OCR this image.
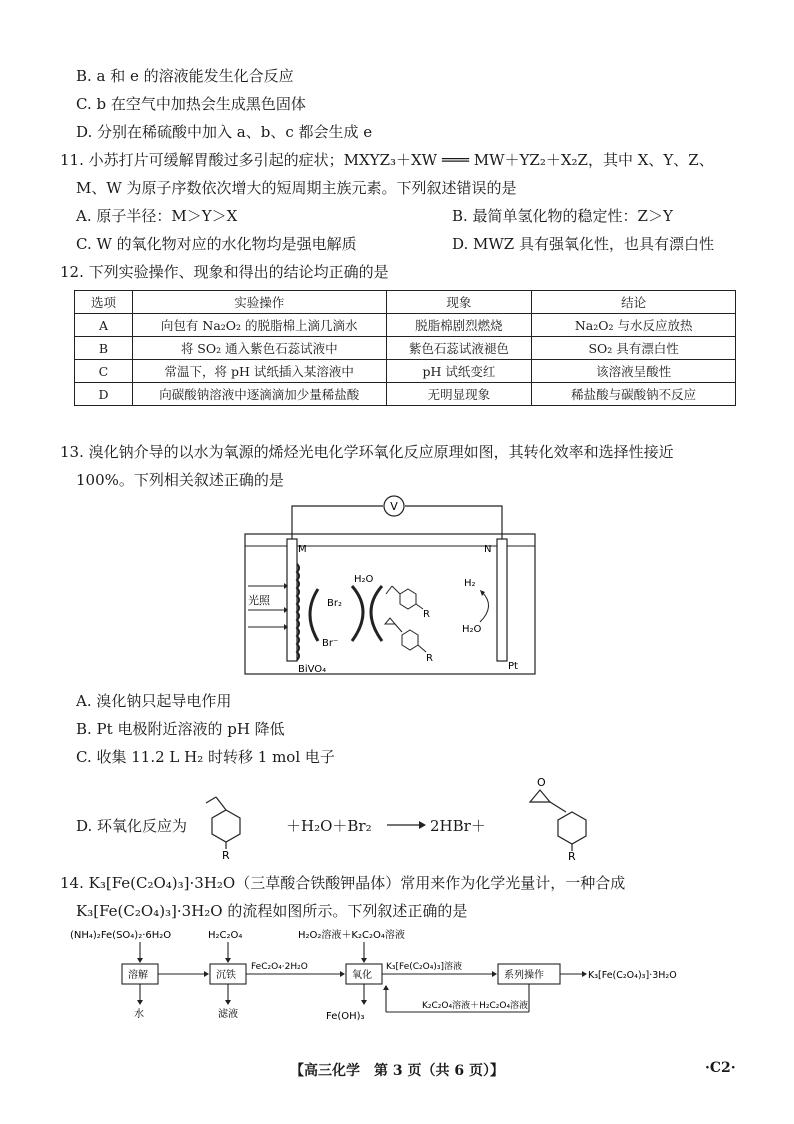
B. a 和 e 的溶液能发生化合反应
C. b 在空气中加热会生成黑色固体
D. 分别在稀硫酸中加入 a、b、c 都会生成 e
11. 小苏打片可缓解胃酸过多引起的症状；MXYZ₃＋XW ═══ MW＋YZ₂＋X₂Z，其中 X、Y、Z、
M、W 为原子序数依次增大的短周期主族元素。下列叙述错误的是
A. 原子半径：M＞Y＞X	B. 最简单氢化物的稳定性：Z＞Y
C. W 的氧化物对应的水化物均是强电解质	D. MWZ 具有强氧化性，也具有漂白性
12. 下列实验操作、现象和得出的结论均正确的是
选项	实验操作	现象	结论
A	向包有 Na₂O₂ 的脱脂棉上滴几滴水	脱脂棉剧烈燃烧	Na₂O₂ 与水反应放热
B	将 SO₂ 通入紫色石蕊试液中	紫色石蕊试液褪色	SO₂ 具有漂白性
C	常温下，将 pH 试纸插入某溶液中	pH 试纸变红	该溶液呈酸性
D	向碳酸钠溶液中逐滴滴加少量稀盐酸	无明显现象	稀盐酸与碳酸钠不反应
13. 溴化钠介导的以水为氧源的烯烃光电化学环氧化反应原理如图，其转化效率和选择性接近
100%。下列相关叙述正确的是
V
M	N
光照	Br₂
Br⁻
H₂O
R
R
H₂
H₂O
BiVO₄	Pt
A. 溴化钠只起导电作用
B. Pt 电极附近溶液的 pH 降低
C. 收集 11.2 L H₂ 时转移 1 mol 电子
D. 环氧化反应为
R
＋H₂O＋Br₂ → 2HBr＋
O
R
14. K₃[Fe(C₂O₄)₃]·3H₂O（三草酸合铁酸钾晶体）常用来作为化学光量计，一种合成
K₃[Fe(C₂O₄)₃]·3H₂O 的流程如图所示。下列叙述正确的是
(NH₄)₂Fe(SO₄)₂·6H₂O	H₂C₂O₄	H₂O₂溶液＋K₂C₂O₄溶液
溶解	沉铁	氧化	系列操作
FeC₂O₄·2H₂O	K₃[Fe(C₂O₄)₃]溶液
K₃[Fe(C₂O₄)₃]·3H₂O
水	滤液	Fe(OH)₃
K₂C₂O₄溶液＋H₂C₂O₄溶液
【高三化学　第 3 页（共 6 页）】	·C2·
